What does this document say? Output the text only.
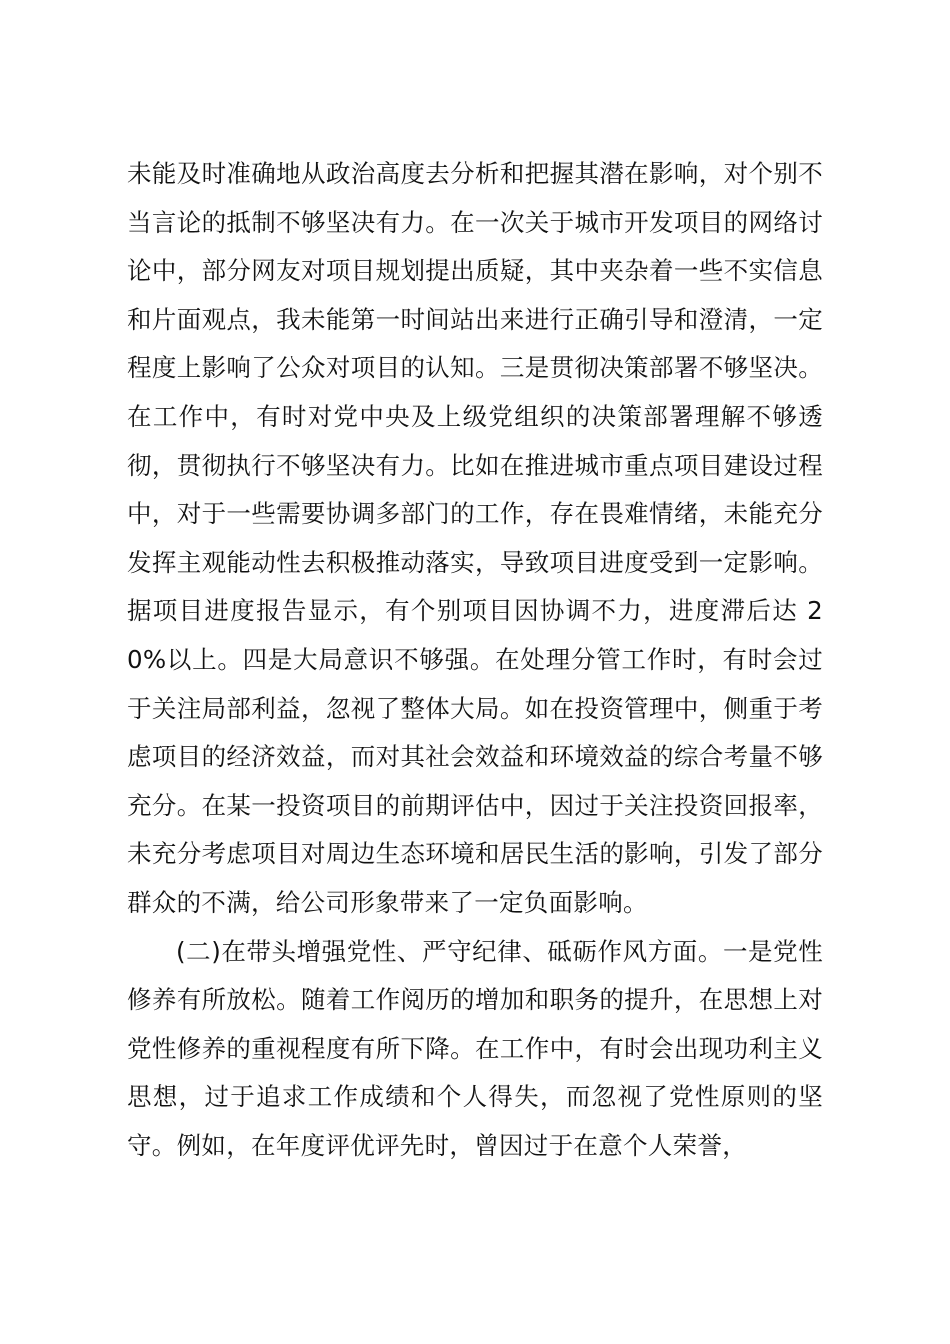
未能及时准确地从政治高度去分析和把握其潜在影响，对个别不当言论的抵制不够坚决有力。在一次关于城市开发项目的网络讨论中，部分网友对项目规划提出质疑，其中夹杂着一些不实信息和片面观点，我未能第一时间站出来进行正确引导和澄清，一定程度上影响了公众对项目的认知。三是贯彻决策部署不够坚决。在工作中，有时对党中央及上级党组织的决策部署理解不够透彻，贯彻执行不够坚决有力。比如在推进城市重点项目建设过程中，对于一些需要协调多部门的工作，存在畏难情绪，未能充分发挥主观能动性去积极推动落实，导致项目进度受到一定影响。据项目进度报告显示，有个别项目因协调不力，进度滞后达 20%以上。四是大局意识不够强。在处理分管工作时，有时会过于关注局部利益，忽视了整体大局。如在投资管理中，侧重于考虑项目的经济效益，而对其社会效益和环境效益的综合考量不够充分。在某一投资项目的前期评估中，因过于关注投资回报率，未充分考虑项目对周边生态环境和居民生活的影响，引发了部分群众的不满，给公司形象带来了一定负面影响。

(二)在带头增强党性、严守纪律、砥砺作风方面。一是党性修养有所放松。随着工作阅历的增加和职务的提升，在思想上对党性修养的重视程度有所下降。在工作中，有时会出现功利主义思想，过于追求工作成绩和个人得失，而忽视了党性原则的坚守。例如，在年度评优评先时，曾因过于在意个人荣誉，
